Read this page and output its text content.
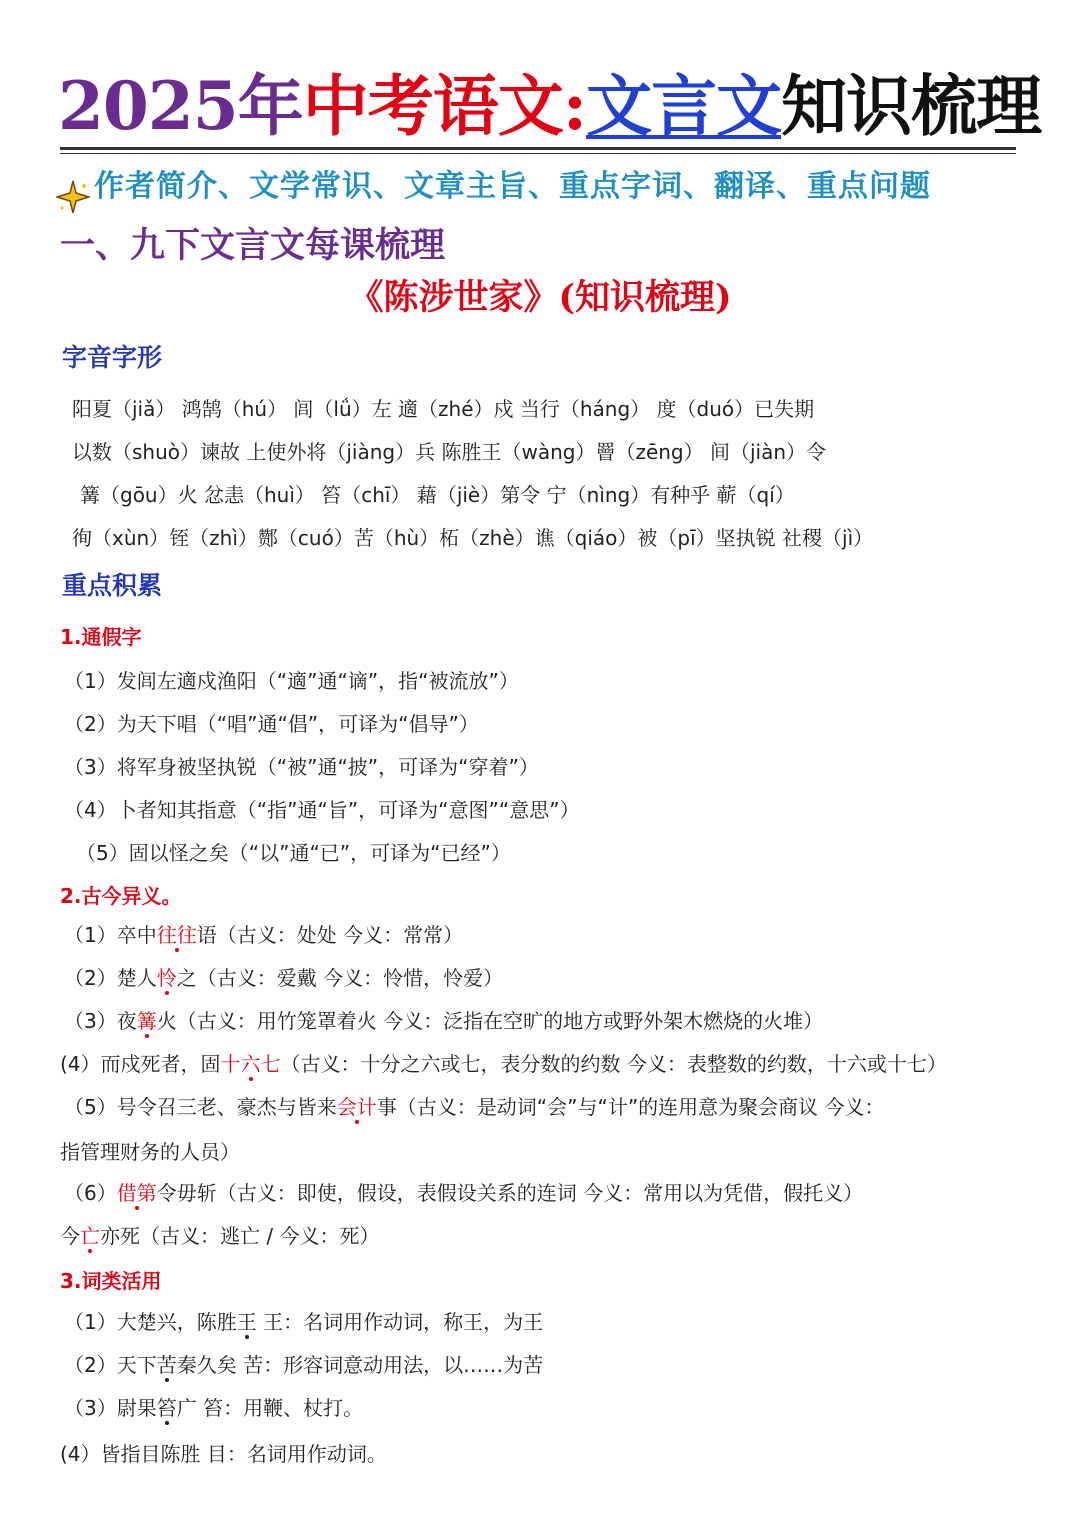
2025年中考语文:文言文知识梳理
作者简介、文学常识、文章主旨、重点字词、翻译、重点问题
一、九下文言文每课梳理
《陈涉世家》(知识梳理)
字音字形
阳夏（jiǎ） 鸿鹄（hú） 闾（lǘ）左 適（zhé）戍 当行（háng） 度（duó）已失期
以数（shuò）谏故 上使外将（jiàng）兵 陈胜王（wàng）罾（zēng） 间（jiàn）令
篝（gōu）火 忿恚（huì） 笞（chī） 藉（jiè）第令 宁（nìng）有种乎 蕲（qí）
徇（xùn）铚（zhì）酂（cuó）苦（hù）柘（zhè）谯（qiáo）被（pī）坚执锐 社稷（jì）
重点积累
1.通假字
（1）发闾左適戍渔阳（“適”通“谪”，指“被流放”）
（2）为天下唱（“唱”通“倡”，可译为“倡导”）
（3）将军身被坚执锐（“被”通“披”，可译为“穿着”）
（4）卜者知其指意（“指”通“旨”，可译为“意图”“意思”）
（5）固以怪之矣（“以”通“已”，可译为“已经”）
2.古今异义。
（1）卒中往往语（古义：处处 今义：常常）
（2）楚人怜之（古义：爱戴 今义：怜惜，怜爱）
（3）夜篝火（古义：用竹笼罩着火 今义：泛指在空旷的地方或野外架木燃烧的火堆）
(4）而戍死者，固十六七（古义：十分之六或七，表分数的约数 今义：表整数的约数，十六或十七）
（5）号令召三老、豪杰与皆来会计事（古义：是动词“会”与“计”的连用意为聚会商议 今义：
指管理财务的人员）
（6）借第令毋斩（古义：即使，假设，表假设关系的连词 今义：常用以为凭借，假托义）
今亡亦死（古义：逃亡 / 今义：死）
3.词类活用
（1）大楚兴，陈胜王 王：名词用作动词，称王，为王
（2）天下苦秦久矣 苦：形容词意动用法，以……为苦
（3）尉果笞广 笞：用鞭、杖打。
(4）皆指目陈胜 目：名词用作动词。
